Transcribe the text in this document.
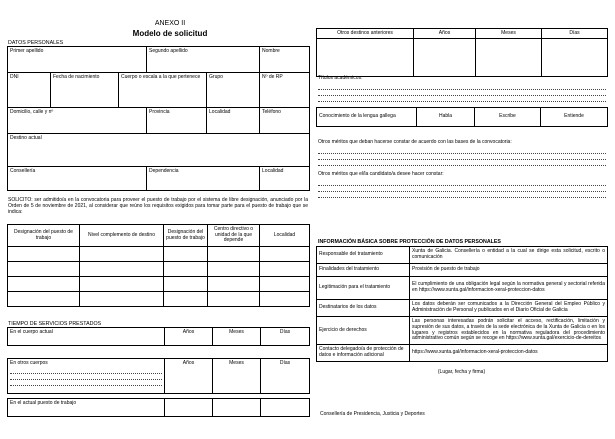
ANEXO II
Modelo de solicitud
DATOS PERSONALES
Primer apellido			Segundo apellido		Nombre
DNI	Fecha de nacimiento	Cuerpo o escala a la que pertenece		Grupo	Nº de RP
Domicilio, calle y nº			Provincia	Localidad	Teléfono
Destino actual					
Consellería			Dependencia		Localidad
SOLICITO: ser admitido/a en la convocatoria para proveer el puesto de trabajo por el sistema de libre designación, anunciado por la Orden de 5 de noviembre de 2021, al considerar que reúno los requisitos exigidos para tomar parte para el puesto de trabajo que se indica:
Designación del puesto de trabajo	Nivel complemento de destino	Designación del puesto de trabajo	Centro directivo o unidad de la que depende	Localidad

TIEMPO DE SERVICIOS PRESTADOS
En el cuerpo actual	Años	Meses	Días
En otros cuerpos	Años	Meses	Días
En el actual puesto de trabajo			
Otros destinos anteriores	Años	Meses	Días

Títulos académicos:
Conocimiento de la lengua gallega	Habla	Escribe	Entiende
Otros méritos que deban hacerse constar de acuerdo con las bases de la convocatoria:
Otros méritos que el/la candidato/a desee hacer constar:
INFORMACIÓN BÁSICA SOBRE PROTECCIÓN DE DATOS PERSONALES
Responsable del tratamiento	Xunta de Galicia. Consellería o entidad a la cual se dirige esta solicitud, escrito o comunicación
Finalidades del tratamiento	Provisión de puesto de trabajo
Legitimación para el tratamiento	El cumplimiento de una obligación legal según la normativa general y sectorial referida en https://www.xunta.gal/informacion-xeral-proteccion-datos
Destinatarios de los datos	Los datos deberán ser comunicados a la Dirección General del Empleo Público y Administración de Personal y publicados en el Diario Oficial de Galicia
Ejercicio de derechos	Las personas interesadas podrán solicitar el acceso, rectificación, limitación y supresión de sus datos, a través de la sede electrónica de la Xunta de Galicia o en los lugares y registros establecidos en la normativa reguladora del procedimiento administrativo común según se recoge en https://www.xunta.gal/exercicio-de-dereitos
Contacto delegado/a de protección de datos e información adicional	https://www.xunta.gal/informacion-xeral-proteccion-datos
(Lugar, fecha y firma)
Consellería de Presidencia, Justicia y Deportes
